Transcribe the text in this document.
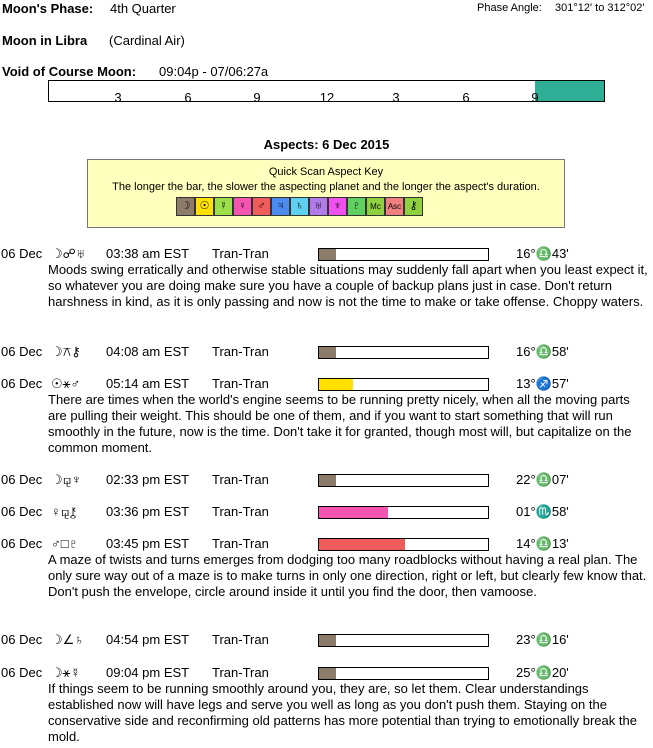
Moon's Phase: 4th Quarter	Phase Angle: 301°12' to 312°02'
Moon in Libra (Cardinal Air)
Void of Course Moon: 09:04p - 07/06:27a
3	6	9	12	3	6	9
Aspects: 6 Dec 2015
Quick Scan Aspect Key
The longer the bar, the slower the aspecting planet and the longer the aspect's duration.
☽ ☉ ☿ ♀ ♂ ♃ ♄ ♅ ♆ ♇	Mc Asc ⚷
06 Dec ☽☍♅ 03:38 am EST Tran-Tran	16°♎43'
Moods swing erratically and otherwise stable situations may suddenly fall apart when you least expect it, so whatever you are doing make sure you have a couple of backup plans just in case. Don't return harshness in kind, as it is only passing and now is not the time to make or take offense. Choppy waters.
06 Dec ☽⚻⚷ 04:08 am EST Tran-Tran	16°♎58'
06 Dec ☉⚹♂ 05:14 am EST Tran-Tran	13°♐57'
There are times when the world's engine seems to be running pretty nicely, when all the moving parts are pulling their weight. This should be one of them, and if you want to start something that will run smoothly in the future, now is the time. Don't take it for granted, though most will, but capitalize on the common moment.
06 Dec ☽⚼♆ 02:33 pm EST Tran-Tran	22°♎07'
06 Dec ♀⚼⚷ 03:36 pm EST Tran-Tran	01°♏58'
06 Dec ♂□♇ 03:45 pm EST Tran-Tran	14°♎13'
A maze of twists and turns emerges from dodging too many roadblocks without having a real plan. The only sure way out of a maze is to make turns in only one direction, right or left, but clearly few know that. Don't push the envelope, circle around inside it until you find the door, then vamoose.
06 Dec ☽∠♄ 04:54 pm EST Tran-Tran	23°♎16'
06 Dec ☽⚹☿ 09:04 pm EST Tran-Tran	25°♎20'
If things seem to be running smoothly around you, they are, so let them. Clear understandings established now will have legs and serve you well as long as you don't push them. Staying on the conservative side and reconfirming old patterns has more potential than trying to emotionally break the mold.
